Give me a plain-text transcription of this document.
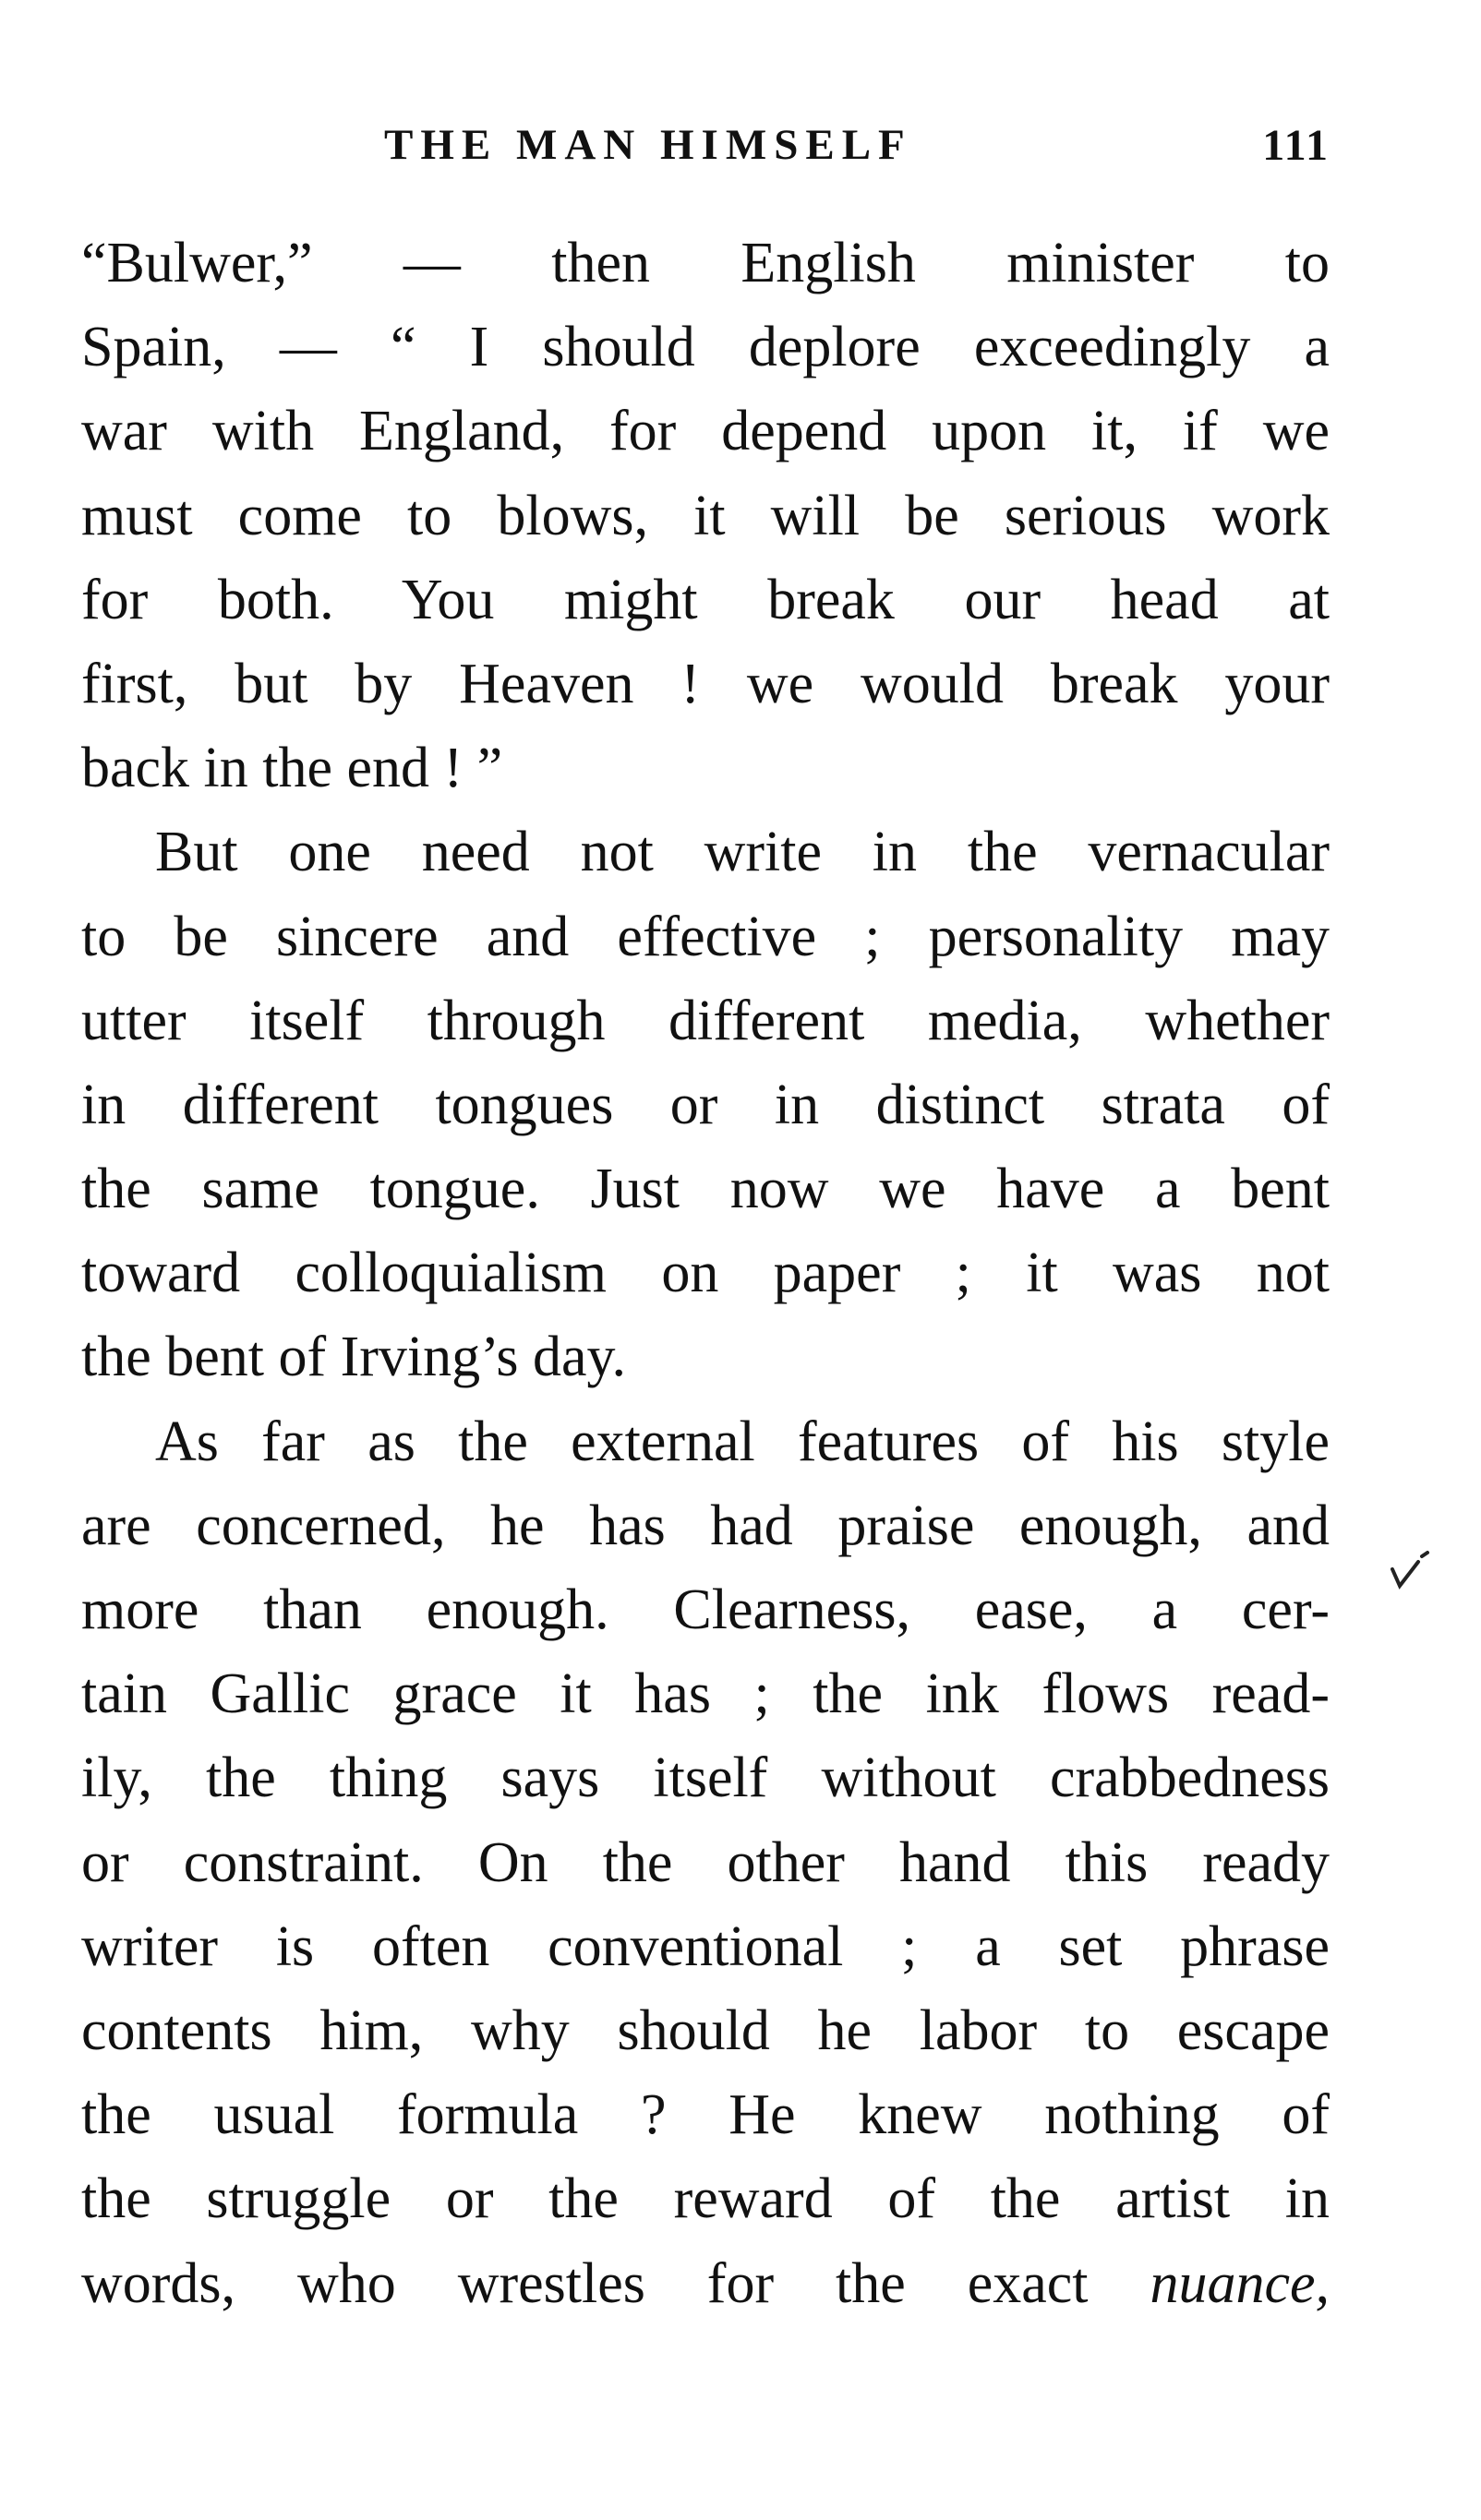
THE MAN HIMSELF	111
“Bulwer,” — then English minister to
Spain, — “ I should deplore exceedingly a
war with England, for depend upon it, if we
must come to blows, it will be serious work
for both. You might break our head at
first, but by Heaven ! we would break your
back in the end ! ”
But one need not write in the vernacular
to be sincere and effective ; personality may
utter itself through different media, whether
in different tongues or in distinct strata of
the same tongue. Just now we have a bent
toward colloquialism on paper ; it was not
the bent of Irving’s day.
As far as the external features of his style
are concerned, he has had praise enough, and
more than enough. Clearness, ease, a cer-
tain Gallic grace it has ; the ink flows read-
ily, the thing says itself without crabbedness
or constraint. On the other hand this ready
writer is often conventional ; a set phrase
contents him, why should he labor to escape
the usual formula ? He knew nothing of
the struggle or the reward of the artist in
words, who wrestles for the exact nuance,
